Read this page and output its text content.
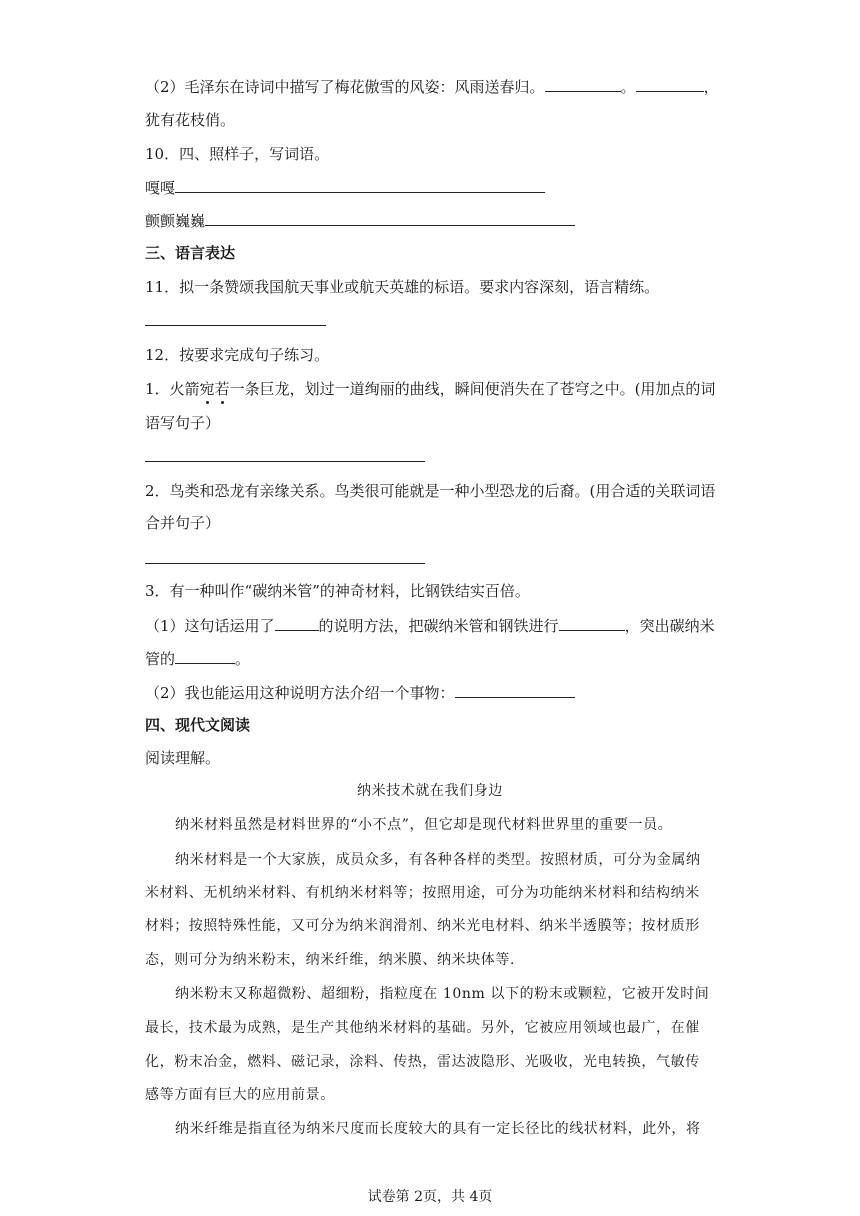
（2）毛泽东在诗词中描写了梅花傲雪的风姿：风雨送春归。	。	，
犹有花枝俏。
10．四、照样子，写词语。
嘎嘎
颤颤巍巍
三、语言表达
11．拟一条赞颂我国航天事业或航天英雄的标语。要求内容深刻，语言精练。
12．按要求完成句子练习。
1．火箭宛若一条巨龙，划过一道绚丽的曲线，瞬间便消失在了苍穹之中。(用加点的词
语写句子）
2．鸟类和恐龙有亲缘关系。鸟类很可能就是一种小型恐龙的后裔。(用合适的关联词语
合并句子）
3．有一种叫作“碳纳米管”的神奇材料，比钢铁结实百倍。
（1）这句话运用了	的说明方法，把碳纳米管和钢铁进行	，突出碳纳米
管的	。
（2）我也能运用这种说明方法介绍一个事物：
四、现代文阅读
阅读理解。
纳米技术就在我们身边
纳米材料虽然是材料世界的“小不点”，但它却是现代材料世界里的重要一员。
纳米材料是一个大家族，成员众多，有各种各样的类型。按照材质，可分为金属纳
米材料、无机纳米材料、有机纳米材料等；按照用途，可分为功能纳米材料和结构纳米
材料；按照特殊性能，又可分为纳米润滑剂、纳米光电材料、纳米半透膜等；按材质形
态，则可分为纳米粉末，纳米纤维，纳米膜、纳米块体等.
纳米粉末又称超微粉、超细粉，指粒度在 10nm 以下的粉末或颗粒，它被开发时间
最长，技术最为成熟，是生产其他纳米材料的基础。另外，它被应用领域也最广，在催
化，粉末冶金，燃料、磁记录，涂料、传热，雷达波隐形、光吸收，光电转换，气敏传
感等方面有巨大的应用前景。
纳米纤维是指直径为纳米尺度而长度较大的具有一定长径比的线状材料，此外，将
试卷第 2页，共 4页
